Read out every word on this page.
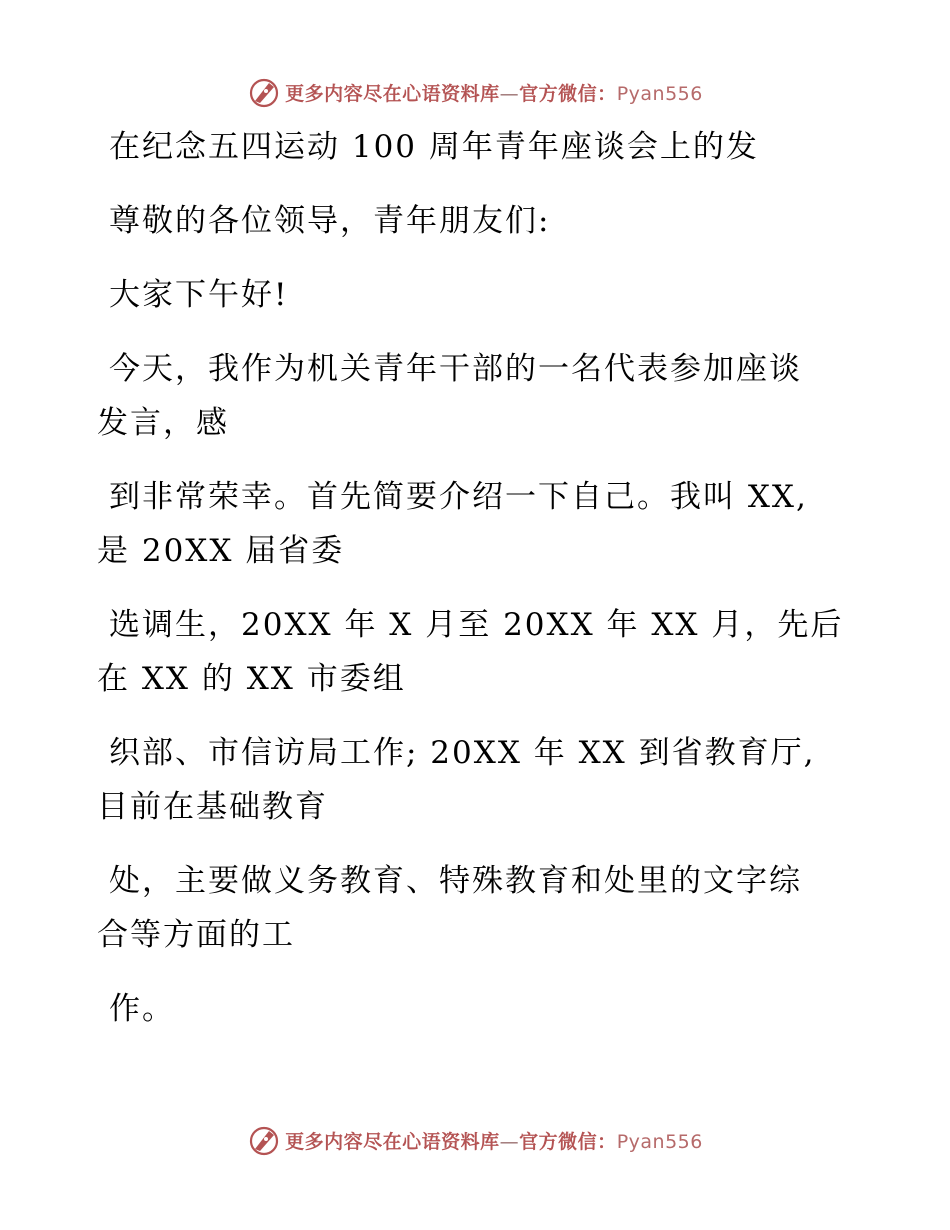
更多内容尽在心语资料库—官方微信：Pyan556
在纪念五四运动 100 周年青年座谈会上的发
尊敬的各位领导，青年朋友们:
大家下午好!
今天，我作为机关青年干部的一名代表参加座谈
发言，感
到非常荣幸。首先简要介绍一下自己。我叫 XX,
是 20XX 届省委
选调生，20XX 年 X 月至 20XX 年 XX 月，先后
在 XX 的 XX 市委组
织部、市信访局工作; 20XX 年 XX 到省教育厅,
目前在基础教育
处，主要做义务教育、特殊教育和处里的文字综
合等方面的工
作。
更多内容尽在心语资料库—官方微信：Pyan556
